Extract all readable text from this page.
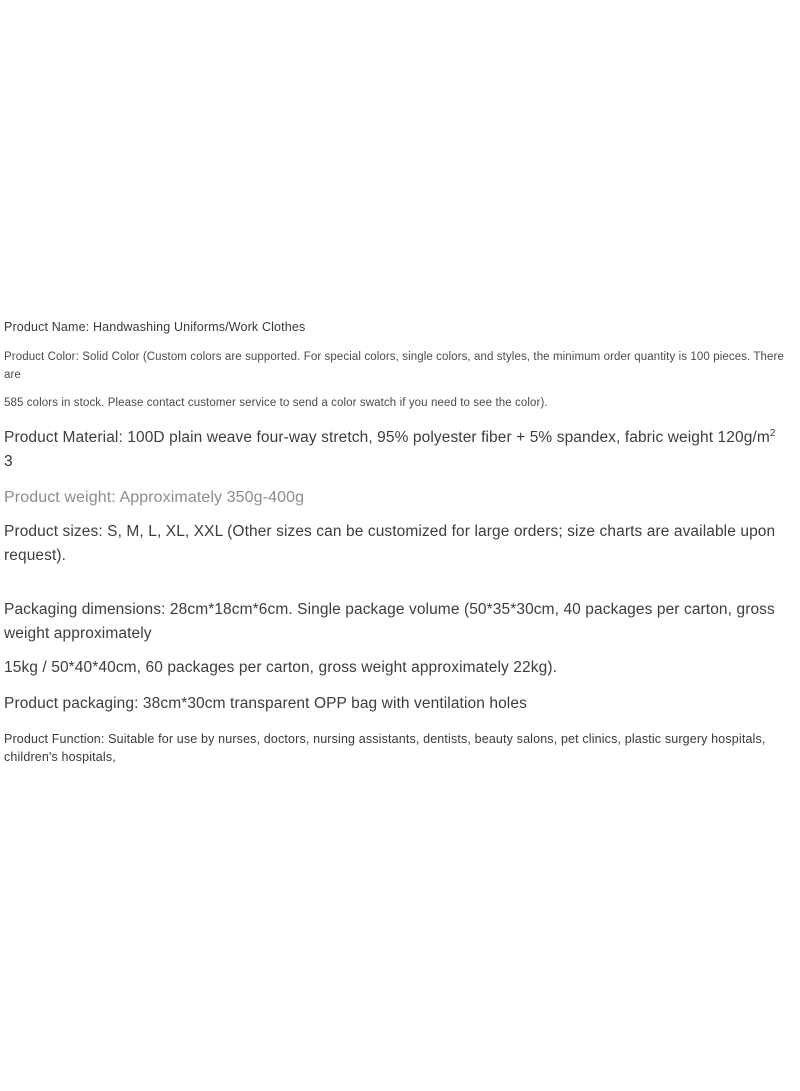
Product Name: Handwashing Uniforms/Work Clothes

Product Color: Solid Color (Custom colors are supported. For special colors, single colors, and styles, the minimum order quantity is 100 pieces. There are

585 colors in stock. Please contact customer service to send a color swatch if you need to see the color).

Product Material: 100D plain weave four-way stretch, 95% polyester fiber + 5% spandex, fabric weight $120g/m^2$

3

Product weight: Approximately 350g-400g

Product sizes: S, M, L, XL, XXL (Other sizes can be customized for large orders; size charts are available upon request).

Packaging dimensions: 28cm*18cm*6cm. Single package volume (50*35*30cm, 40 packages per carton, gross weight approximately

15kg / 50*40*40cm, 60 packages per carton, gross weight approximately 22kg).

Product packaging: 38cm*30cm transparent OPP bag with ventilation holes

Product Function: Suitable for use by nurses, doctors, nursing assistants, dentists, beauty salons, pet clinics, plastic surgery hospitals, children's hospitals,
